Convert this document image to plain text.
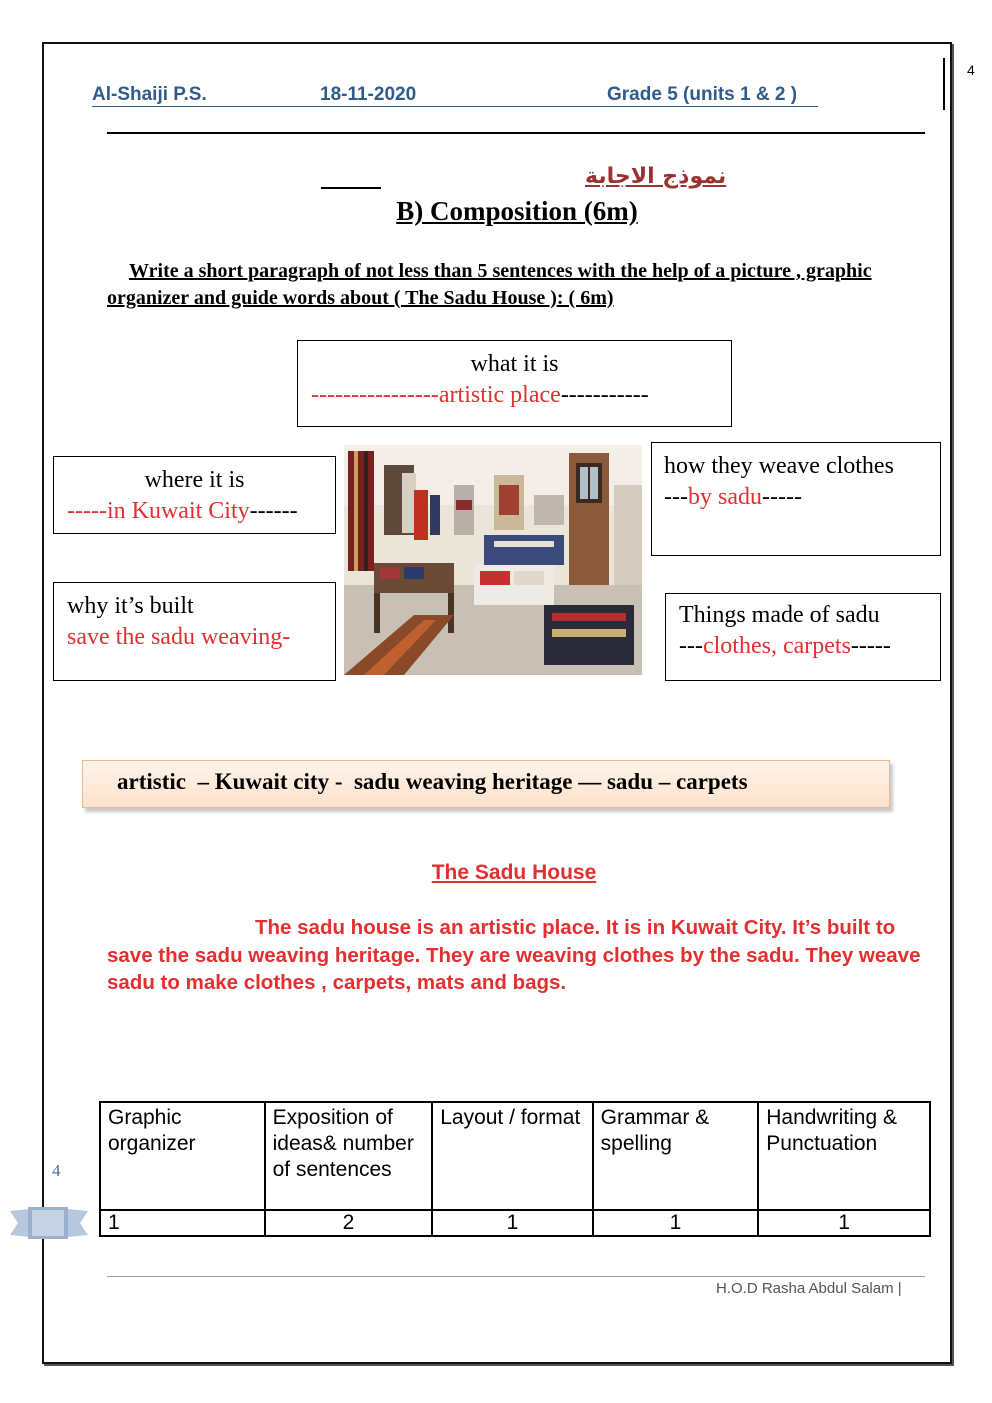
4
Al-Shaiji P.S.	18-11-2020	Grade 5 (units 1 & 2 )
نموذج الاجابة
B) Composition (6m)
Write a short paragraph of not less than 5 sentences with the help of a picture , graphic organizer and guide words about ( The Sadu House ): ( 6m)
what it is
----------------artistic place-----------
where it is
-----in Kuwait City------
how they weave clothes
---by sadu-----
why it’s built
save the sadu weaving-
Things made of sadu
---clothes, carpets-----
artistic  – Kuwait city -  sadu weaving heritage — sadu – carpets
The Sadu House
The sadu house is an artistic place. It is in Kuwait City. It’s built to save the sadu weaving heritage. They are weaving clothes by the sadu. They weave sadu to make clothes , carpets, mats and bags.
Graphic organizer	Exposition of ideas& number of sentences	Layout / format	Grammar & spelling	Handwriting & Punctuation
1	2	1	1	1
4
H.O.D Rasha Abdul Salam |
